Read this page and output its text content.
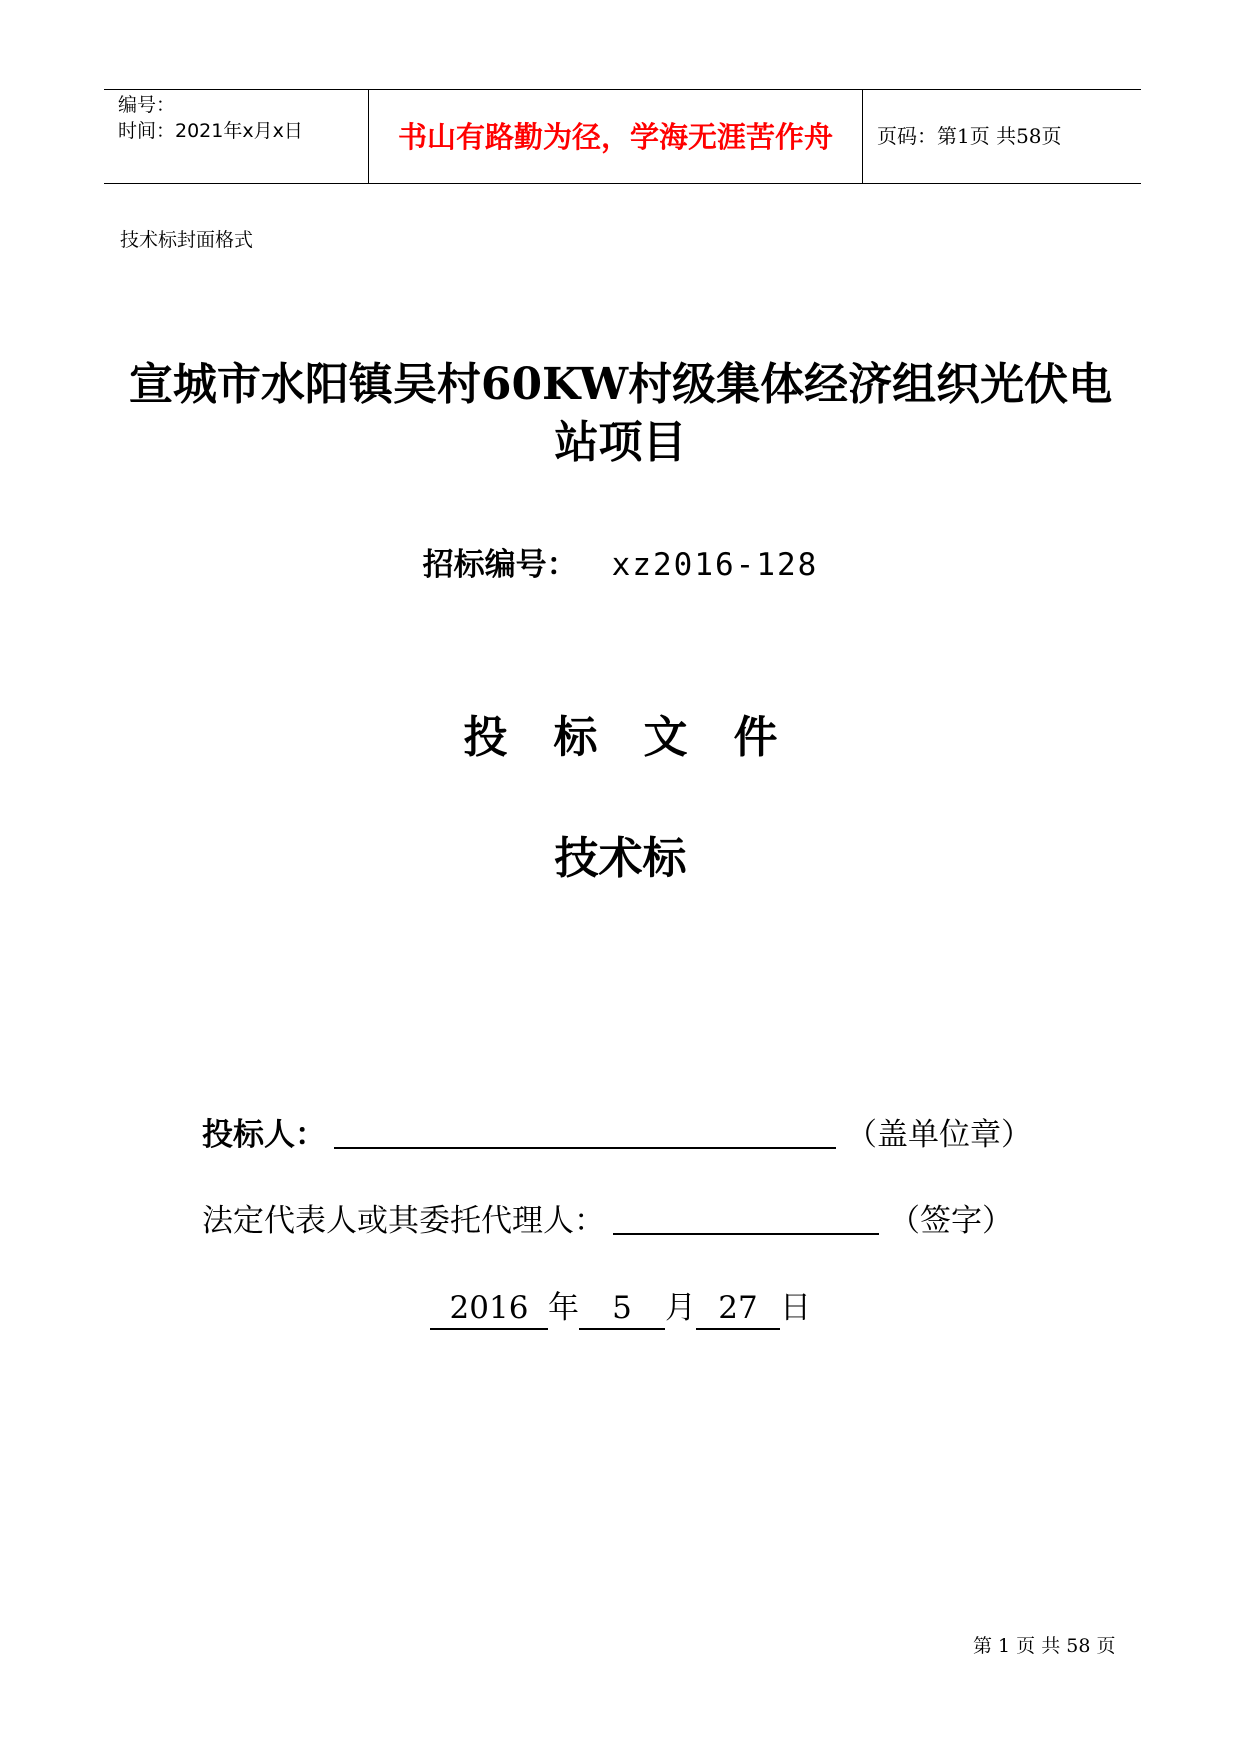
编号：
时间：2021年x月x日	书山有路勤为径，学海无涯苦作舟	页码：第1页 共58页
技术标封面格式
宣城市水阳镇吴村60KW村级集体经济组织光伏电
站项目
招标编号： xz2016-128
投标文件
技术标
投标人：	（盖单位章）
法定代表人或其委托代理人：	（签字）
2016 年 5 月 27 日
第 1 页 共 58 页
